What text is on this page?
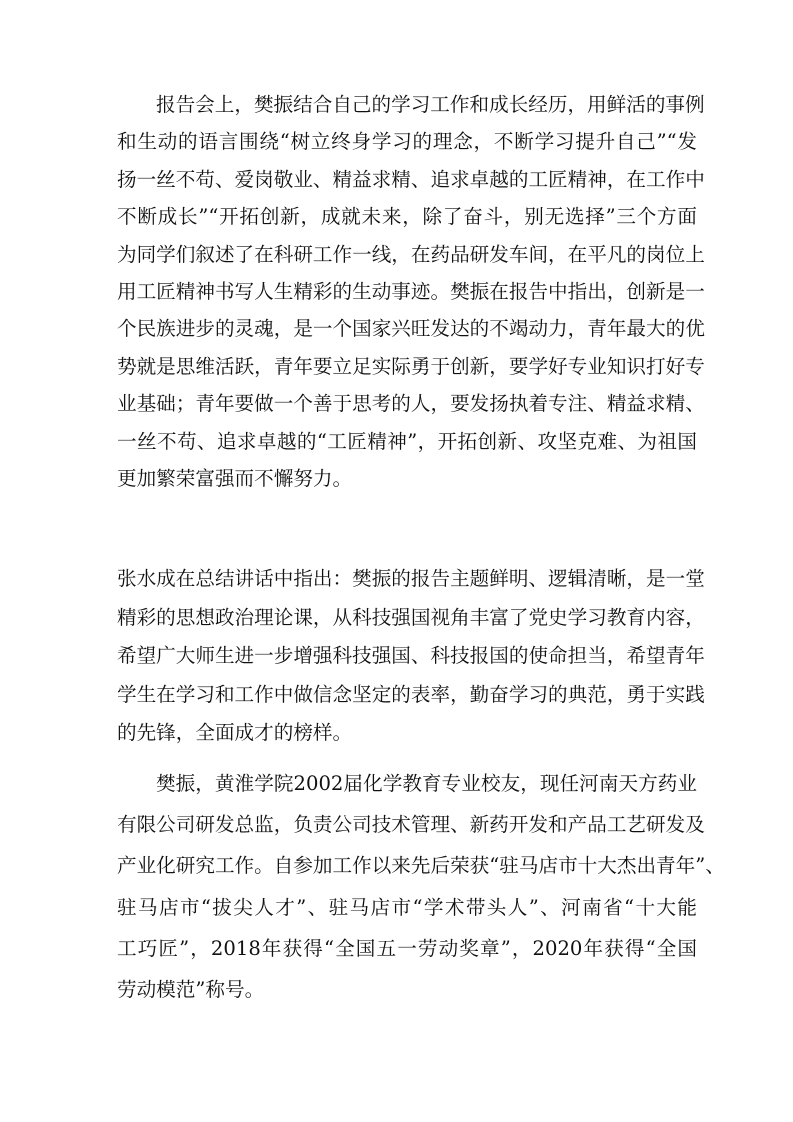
报告会上，樊振结合自己的学习工作和成长经历，用鲜活的事例
和生动的语言围绕“树立终身学习的理念，不断学习提升自己”“发
扬一丝不苟、爱岗敬业、精益求精、追求卓越的工匠精神，在工作中
不断成长”“开拓创新，成就未来，除了奋斗，别无选择”三个方面
为同学们叙述了在科研工作一线，在药品研发车间，在平凡的岗位上
用工匠精神书写人生精彩的生动事迹。樊振在报告中指出，创新是一
个民族进步的灵魂，是一个国家兴旺发达的不竭动力，青年最大的优
势就是思维活跃，青年要立足实际勇于创新，要学好专业知识打好专
业基础；青年要做一个善于思考的人，要发扬执着专注、精益求精、
一丝不苟、追求卓越的“工匠精神”，开拓创新、攻坚克难、为祖国
更加繁荣富强而不懈努力。
张水成在总结讲话中指出：樊振的报告主题鲜明、逻辑清晰，是一堂
精彩的思想政治理论课，从科技强国视角丰富了党史学习教育内容，
希望广大师生进一步增强科技强国、科技报国的使命担当，希望青年
学生在学习和工作中做信念坚定的表率，勤奋学习的典范，勇于实践
的先锋，全面成才的榜样。
樊振，黄淮学院2002届化学教育专业校友，现任河南天方药业
有限公司研发总监，负责公司技术管理、新药开发和产品工艺研发及
产业化研究工作。自参加工作以来先后荣获“驻马店市十大杰出青年”、
驻马店市“拔尖人才”、驻马店市“学术带头人”、河南省“十大能
工巧匠”，2018年获得“全国五一劳动奖章”，2020年获得“全国
劳动模范”称号。
